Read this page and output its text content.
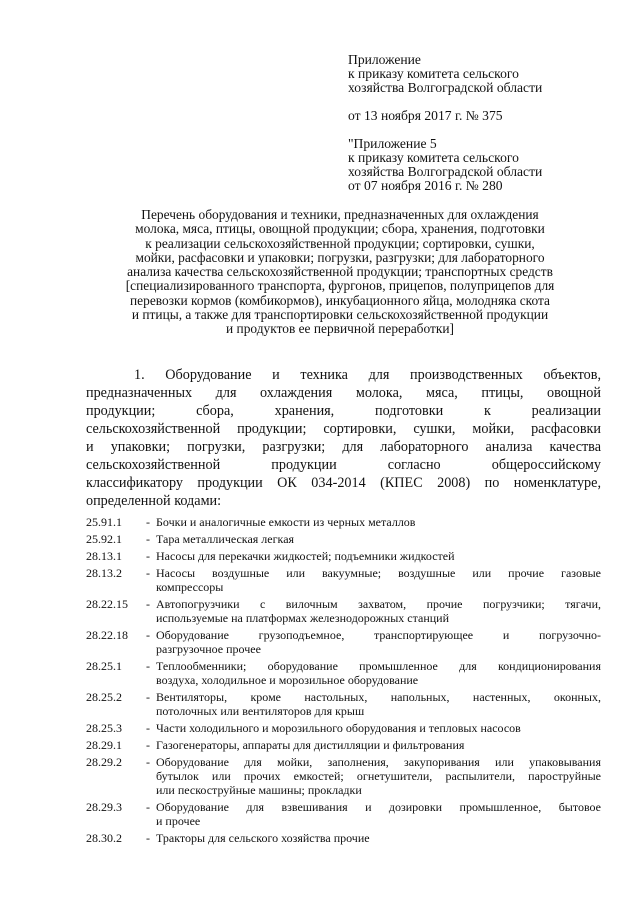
Приложение
к приказу комитета сельского
хозяйства Волгоградской области
от 13 ноября 2017 г. № 375
"Приложение 5
к приказу комитета сельского
хозяйства Волгоградской области
от 07 ноября 2016 г. № 280
Перечень оборудования и техники, предназначенных для охлаждения
молока, мяса, птицы, овощной продукции; сбора, хранения, подготовки
к реализации сельскохозяйственной продукции; сортировки, сушки,
мойки, расфасовки и упаковки; погрузки, разгрузки; для лабораторного
анализа качества сельскохозяйственной продукции; транспортных средств
[специализированного транспорта, фургонов, прицепов, полуприцепов для
перевозки кормов (комбикормов), инкубационного яйца, молодняка скота
и птицы, а также для транспортировки сельскохозяйственной продукции
и продуктов ее первичной переработки]
1. Оборудование и техника для производственных объектов,
предназначенных для охлаждения молока, мяса, птицы, овощной
продукции; сбора, хранения, подготовки к реализации
сельскохозяйственной продукции; сортировки, сушки, мойки, расфасовки
и упаковки; погрузки, разгрузки; для лабораторного анализа качества
сельскохозяйственной продукции согласно общероссийскому
классификатору продукции ОК 034-2014 (КПЕС 2008) по номенклатуре,
определенной кодами:
25.91.1	- Бочки и аналогичные емкости из черных металлов
25.92.1	- Тара металлическая легкая
28.13.1	- Насосы для перекачки жидкостей; подъемники жидкостей
28.13.2	- Насосы воздушные или вакуумные; воздушные или прочие газовые
компрессоры
28.22.15	- Автопогрузчики с вилочным захватом, прочие погрузчики; тягачи,
используемые на платформах железнодорожных станций
28.22.18	- Оборудование грузоподъемное, транспортирующее и погрузочно-
разгрузочное прочее
28.25.1	- Теплообменники; оборудование промышленное для кондиционирования
воздуха, холодильное и морозильное оборудование
28.25.2	- Вентиляторы, кроме настольных, напольных, настенных, оконных,
потолочных или вентиляторов для крыш
28.25.3	- Части холодильного и морозильного оборудования и тепловых насосов
28.29.1	- Газогенераторы, аппараты для дистилляции и фильтрования
28.29.2	- Оборудование для мойки, заполнения, закупоривания или упаковывания
бутылок или прочих емкостей; огнетушители, распылители, пароструйные
или пескоструйные машины; прокладки
28.29.3	- Оборудование для взвешивания и дозировки промышленное, бытовое
и прочее
28.30.2	- Тракторы для сельского хозяйства прочие
